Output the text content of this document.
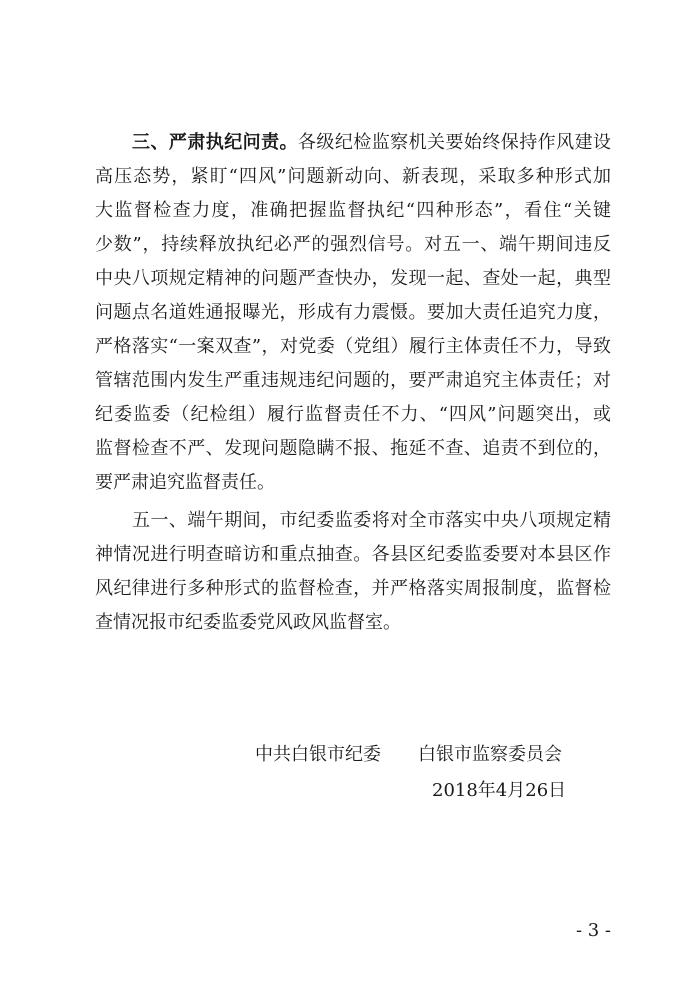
三、严肃执纪问责。各级纪检监察机关要始终保持作风建设
高压态势，紧盯“四风”问题新动向、新表现，采取多种形式加
大监督检查力度，准确把握监督执纪“四种形态”，看住“关键
少数”，持续释放执纪必严的强烈信号。对五一、端午期间违反
中央八项规定精神的问题严查快办，发现一起、查处一起，典型
问题点名道姓通报曝光，形成有力震慑。要加大责任追究力度，
严格落实“一案双查”，对党委（党组）履行主体责任不力，导致
管辖范围内发生严重违规违纪问题的，要严肃追究主体责任；对
纪委监委（纪检组）履行监督责任不力、“四风”问题突出，或
监督检查不严、发现问题隐瞒不报、拖延不查、追责不到位的，
要严肃追究监督责任。
五一、端午期间，市纪委监委将对全市落实中央八项规定精
神情况进行明查暗访和重点抽查。各县区纪委监委要对本县区作
风纪律进行多种形式的监督检查，并严格落实周报制度，监督检
查情况报市纪委监委党风政风监督室。
中共白银市纪委 白银市监察委员会
2018年4月26日
- 3 -
